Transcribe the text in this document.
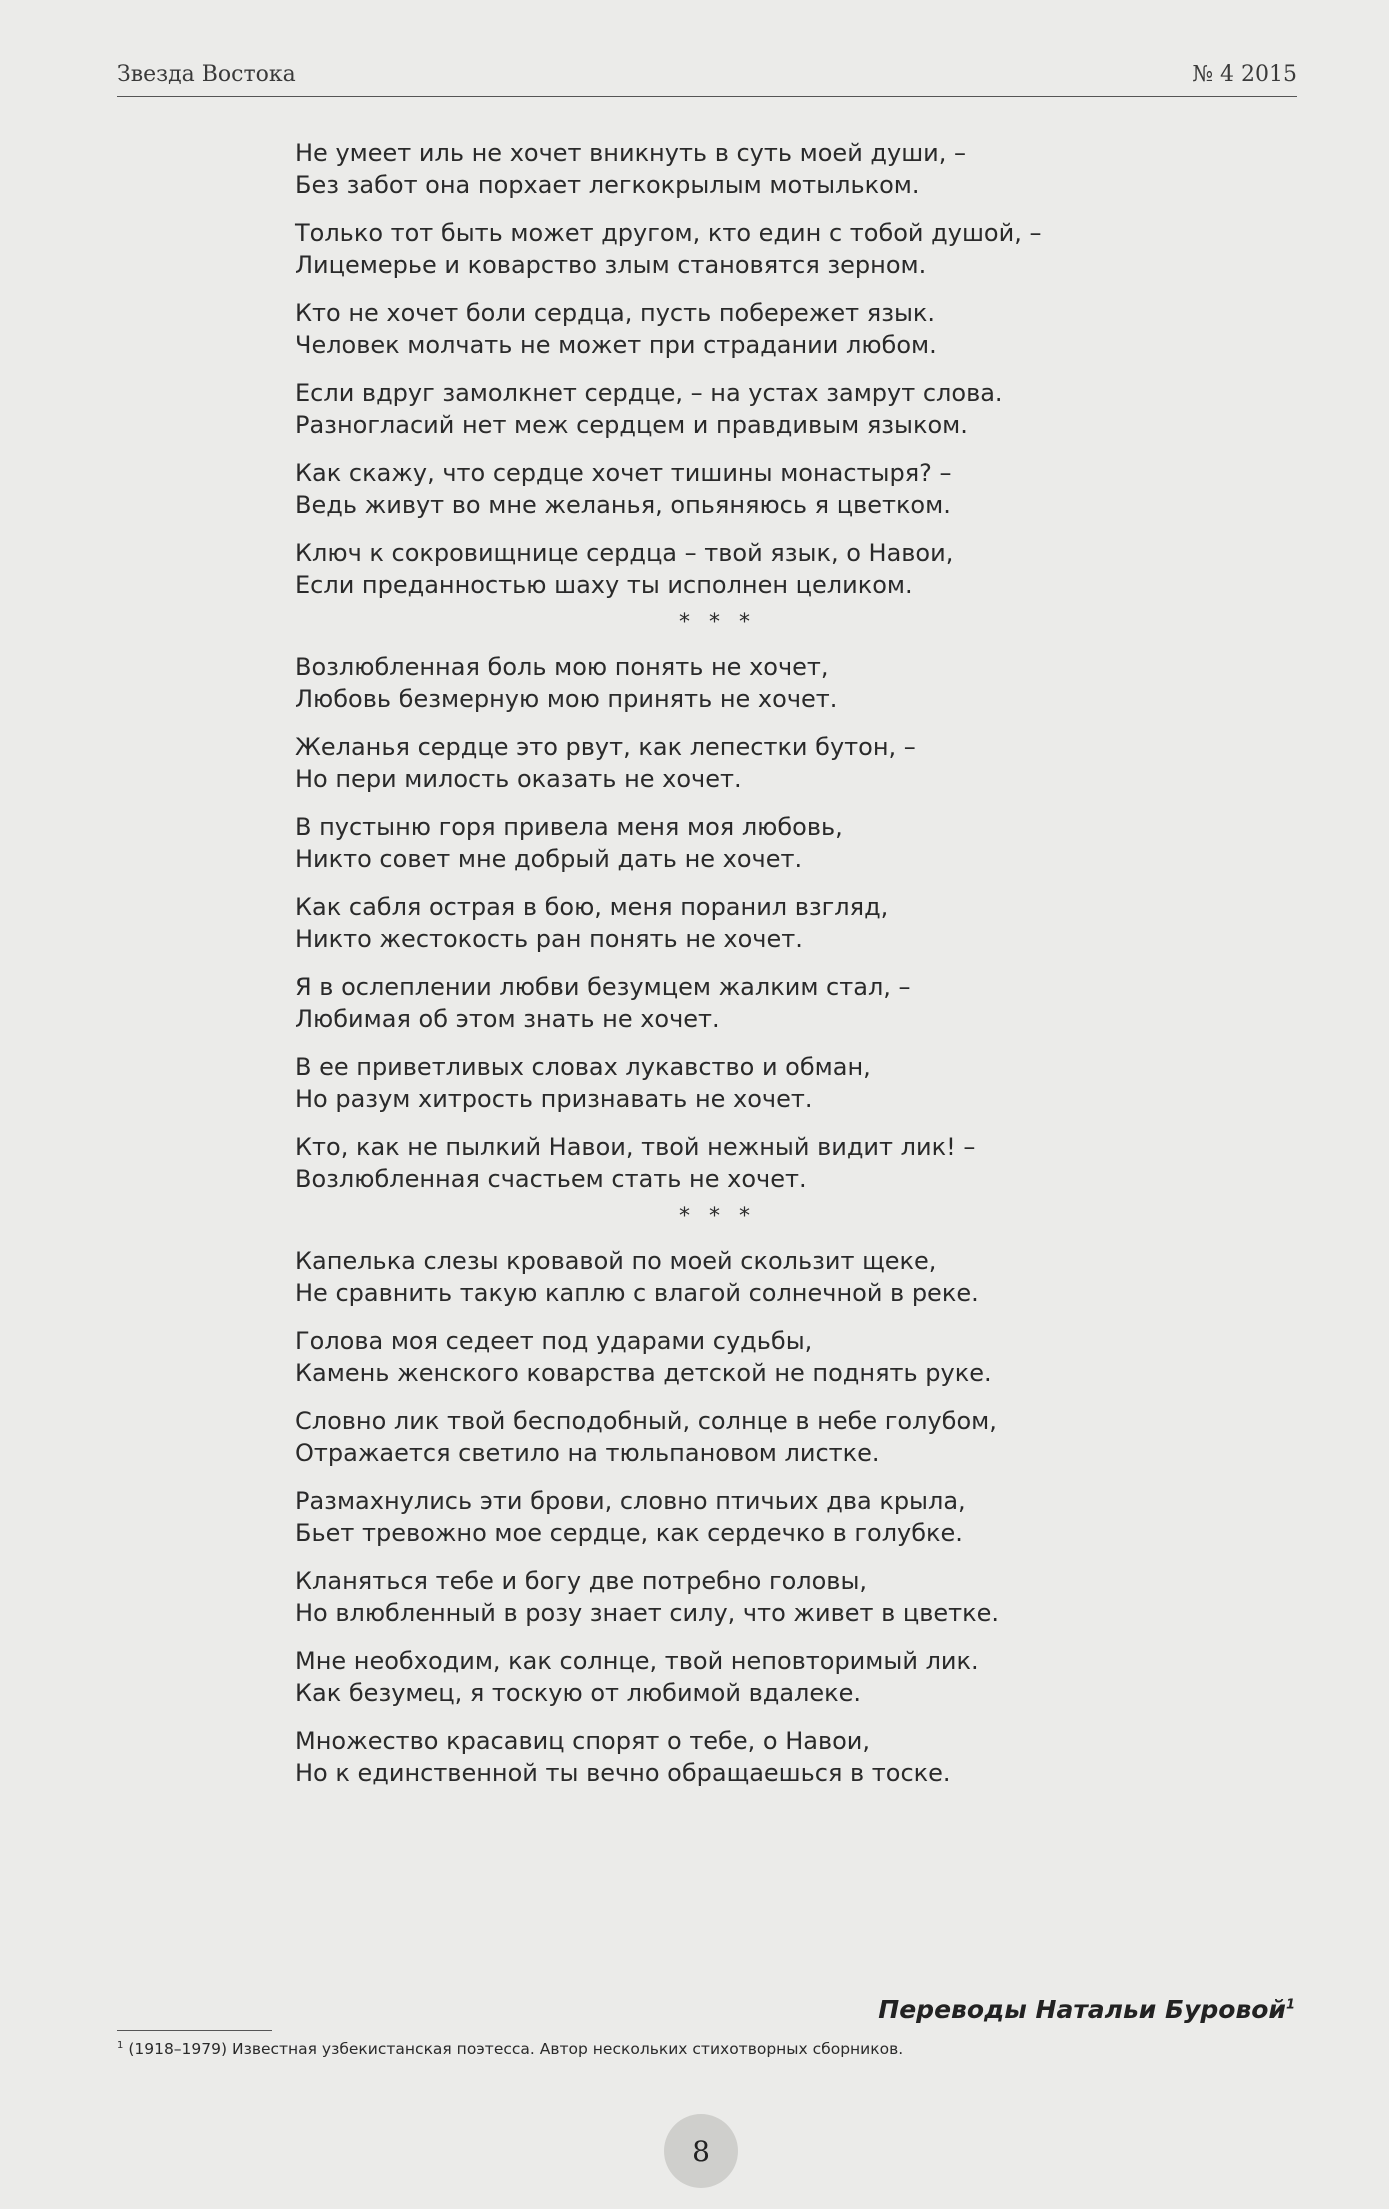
Звезда Востока	№ 4 2015
Не умеет иль не хочет вникнуть в суть моей души, –
Без забот она порхает легкокрылым мотыльком.
Только тот быть может другом, кто един с тобой душой, –
Лицемерье и коварство злым становятся зерном.
Кто не хочет боли сердца, пусть побережет язык.
Человек молчать не может при страдании любом.
Если вдруг замолкнет сердце, – на устах замрут слова.
Разногласий нет меж сердцем и правдивым языком.
Как скажу, что сердце хочет тишины монастыря? –
Ведь живут во мне желанья, опьяняюсь я цветком.
Ключ к сокровищнице сердца – твой язык, о Навои,
Если преданностью шаху ты исполнен целиком.
* * *
Возлюбленная боль мою понять не хочет,
Любовь безмерную мою принять не хочет.
Желанья сердце это рвут, как лепестки бутон, –
Но пери милость оказать не хочет.
В пустыню горя привела меня моя любовь,
Никто совет мне добрый дать не хочет.
Как сабля острая в бою, меня поранил взгляд,
Никто жестокость ран понять не хочет.
Я в ослеплении любви безумцем жалким стал, –
Любимая об этом знать не хочет.
В ее приветливых словах лукавство и обман,
Но разум хитрость признавать не хочет.
Кто, как не пылкий Навои, твой нежный видит лик! –
Возлюбленная счастьем стать не хочет.
* * *
Капелька слезы кровавой по моей скользит щеке,
Не сравнить такую каплю с влагой солнечной в реке.
Голова моя седеет под ударами судьбы,
Камень женского коварства детской не поднять руке.
Словно лик твой бесподобный, солнце в небе голубом,
Отражается светило на тюльпановом листке.
Размахнулись эти брови, словно птичьих два крыла,
Бьет тревожно мое сердце, как сердечко в голубке.
Кланяться тебе и богу две потребно головы,
Но влюбленный в розу знает силу, что живет в цветке.
Мне необходим, как солнце, твой неповторимый лик.
Как безумец, я тоскую от любимой вдалеке.
Множество красавиц спорят о тебе, о Навои,
Но к единственной ты вечно обращаешься в тоске.
Переводы Натальи Буровой$^1$
$^1$ (1918–1979) Известная узбекистанская поэтесса. Автор нескольких стихотворных сборников.
8
